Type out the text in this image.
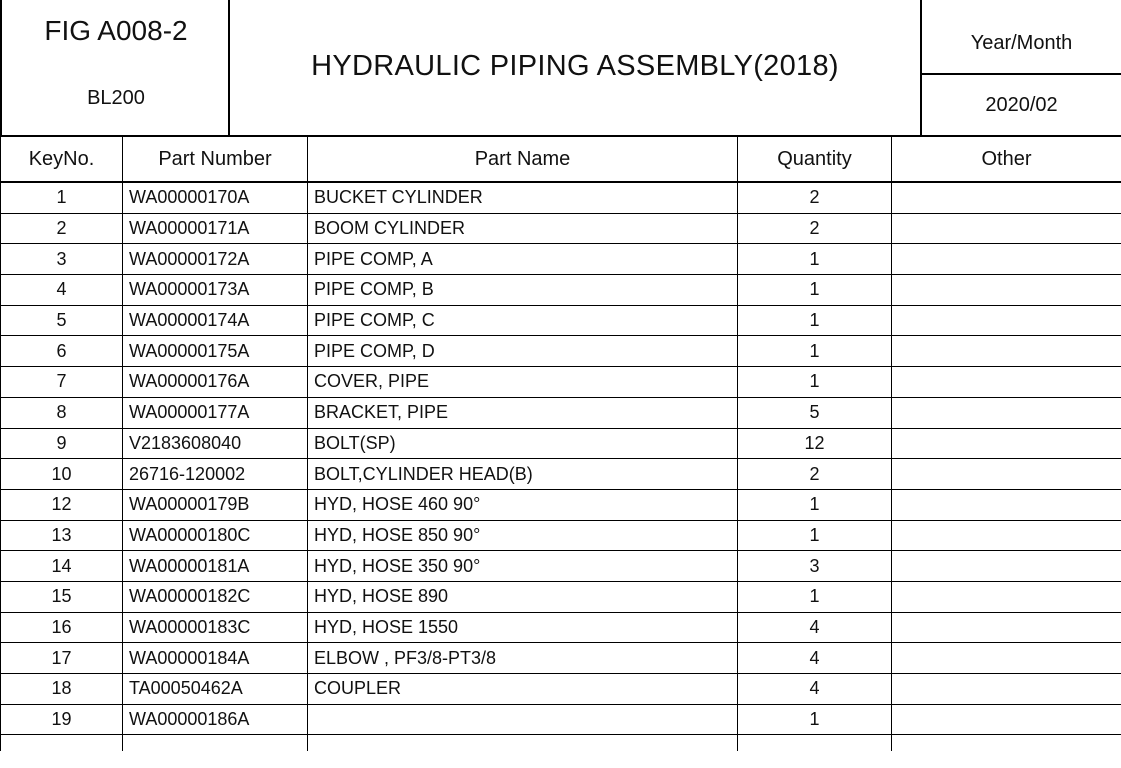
FIG A008-2
BL200
HYDRAULIC PIPING ASSEMBLY(2018)
Year/Month
2020/02
KeyNo.	Part Number	Part Name	Quantity	Other
1	WA00000170A	BUCKET CYLINDER	2	
2	WA00000171A	BOOM CYLINDER	2	
3	WA00000172A	PIPE COMP, A	1	
4	WA00000173A	PIPE COMP, B	1	
5	WA00000174A	PIPE COMP, C	1	
6	WA00000175A	PIPE COMP, D	1	
7	WA00000176A	COVER, PIPE	1	
8	WA00000177A	BRACKET, PIPE	5	
9	V2183608040	BOLT(SP)	12	
10	26716-120002	BOLT,CYLINDER HEAD(B)	2	
12	WA00000179B	HYD, HOSE 460 90°	1	
13	WA00000180C	HYD, HOSE 850 90°	1	
14	WA00000181A	HYD, HOSE 350 90°	3	
15	WA00000182C	HYD, HOSE 890	1	
16	WA00000183C	HYD, HOSE 1550	4	
17	WA00000184A	ELBOW , PF3/8-PT3/8	4	
18	TA00050462A	COUPLER	4	
19	WA00000186A		1	
